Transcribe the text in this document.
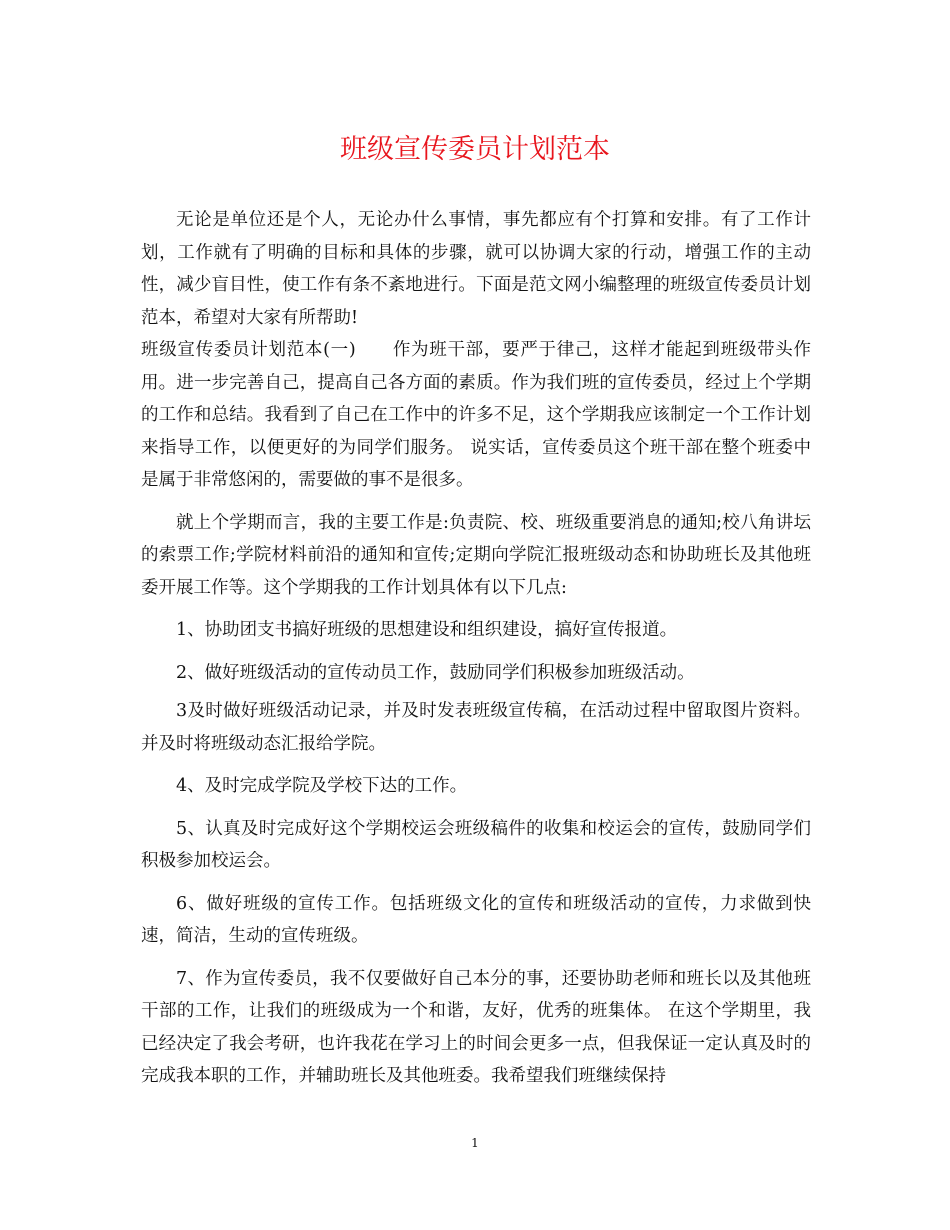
班级宣传委员计划范本

无论是单位还是个人，无论办什么事情，事先都应有个打算和安排。有了工作计划，工作就有了明确的目标和具体的步骤，就可以协调大家的行动，增强工作的主动性，减少盲目性，使工作有条不紊地进行。下面是范文网小编整理的班级宣传委员计划范本，希望对大家有所帮助!

班级宣传委员计划范本(一)　　作为班干部，要严于律己，这样才能起到班级带头作用。进一步完善自己，提高自己各方面的素质。作为我们班的宣传委员，经过上个学期的工作和总结。我看到了自己在工作中的许多不足，这个学期我应该制定一个工作计划来指导工作，以便更好的为同学们服务。 说实话，宣传委员这个班干部在整个班委中是属于非常悠闲的，需要做的事不是很多。

就上个学期而言，我的主要工作是:负责院、校、班级重要消息的通知;校八角讲坛的索票工作;学院材料前沿的通知和宣传;定期向学院汇报班级动态和协助班长及其他班委开展工作等。这个学期我的工作计划具体有以下几点:

1、协助团支书搞好班级的思想建设和组织建设，搞好宣传报道。

2、做好班级活动的宣传动员工作，鼓励同学们积极参加班级活动。

3及时做好班级活动记录，并及时发表班级宣传稿，在活动过程中留取图片资料。并及时将班级动态汇报给学院。

4、及时完成学院及学校下达的工作。

5、认真及时完成好这个学期校运会班级稿件的收集和校运会的宣传，鼓励同学们积极参加校运会。

6、做好班级的宣传工作。包括班级文化的宣传和班级活动的宣传，力求做到快速，简洁，生动的宣传班级。

7、作为宣传委员，我不仅要做好自己本分的事，还要协助老师和班长以及其他班干部的工作，让我们的班级成为一个和谐，友好，优秀的班集体。 在这个学期里，我已经决定了我会考研，也许我花在学习上的时间会更多一点，但我保证一定认真及时的完成我本职的工作，并辅助班长及其他班委。我希望我们班继续保持

1
